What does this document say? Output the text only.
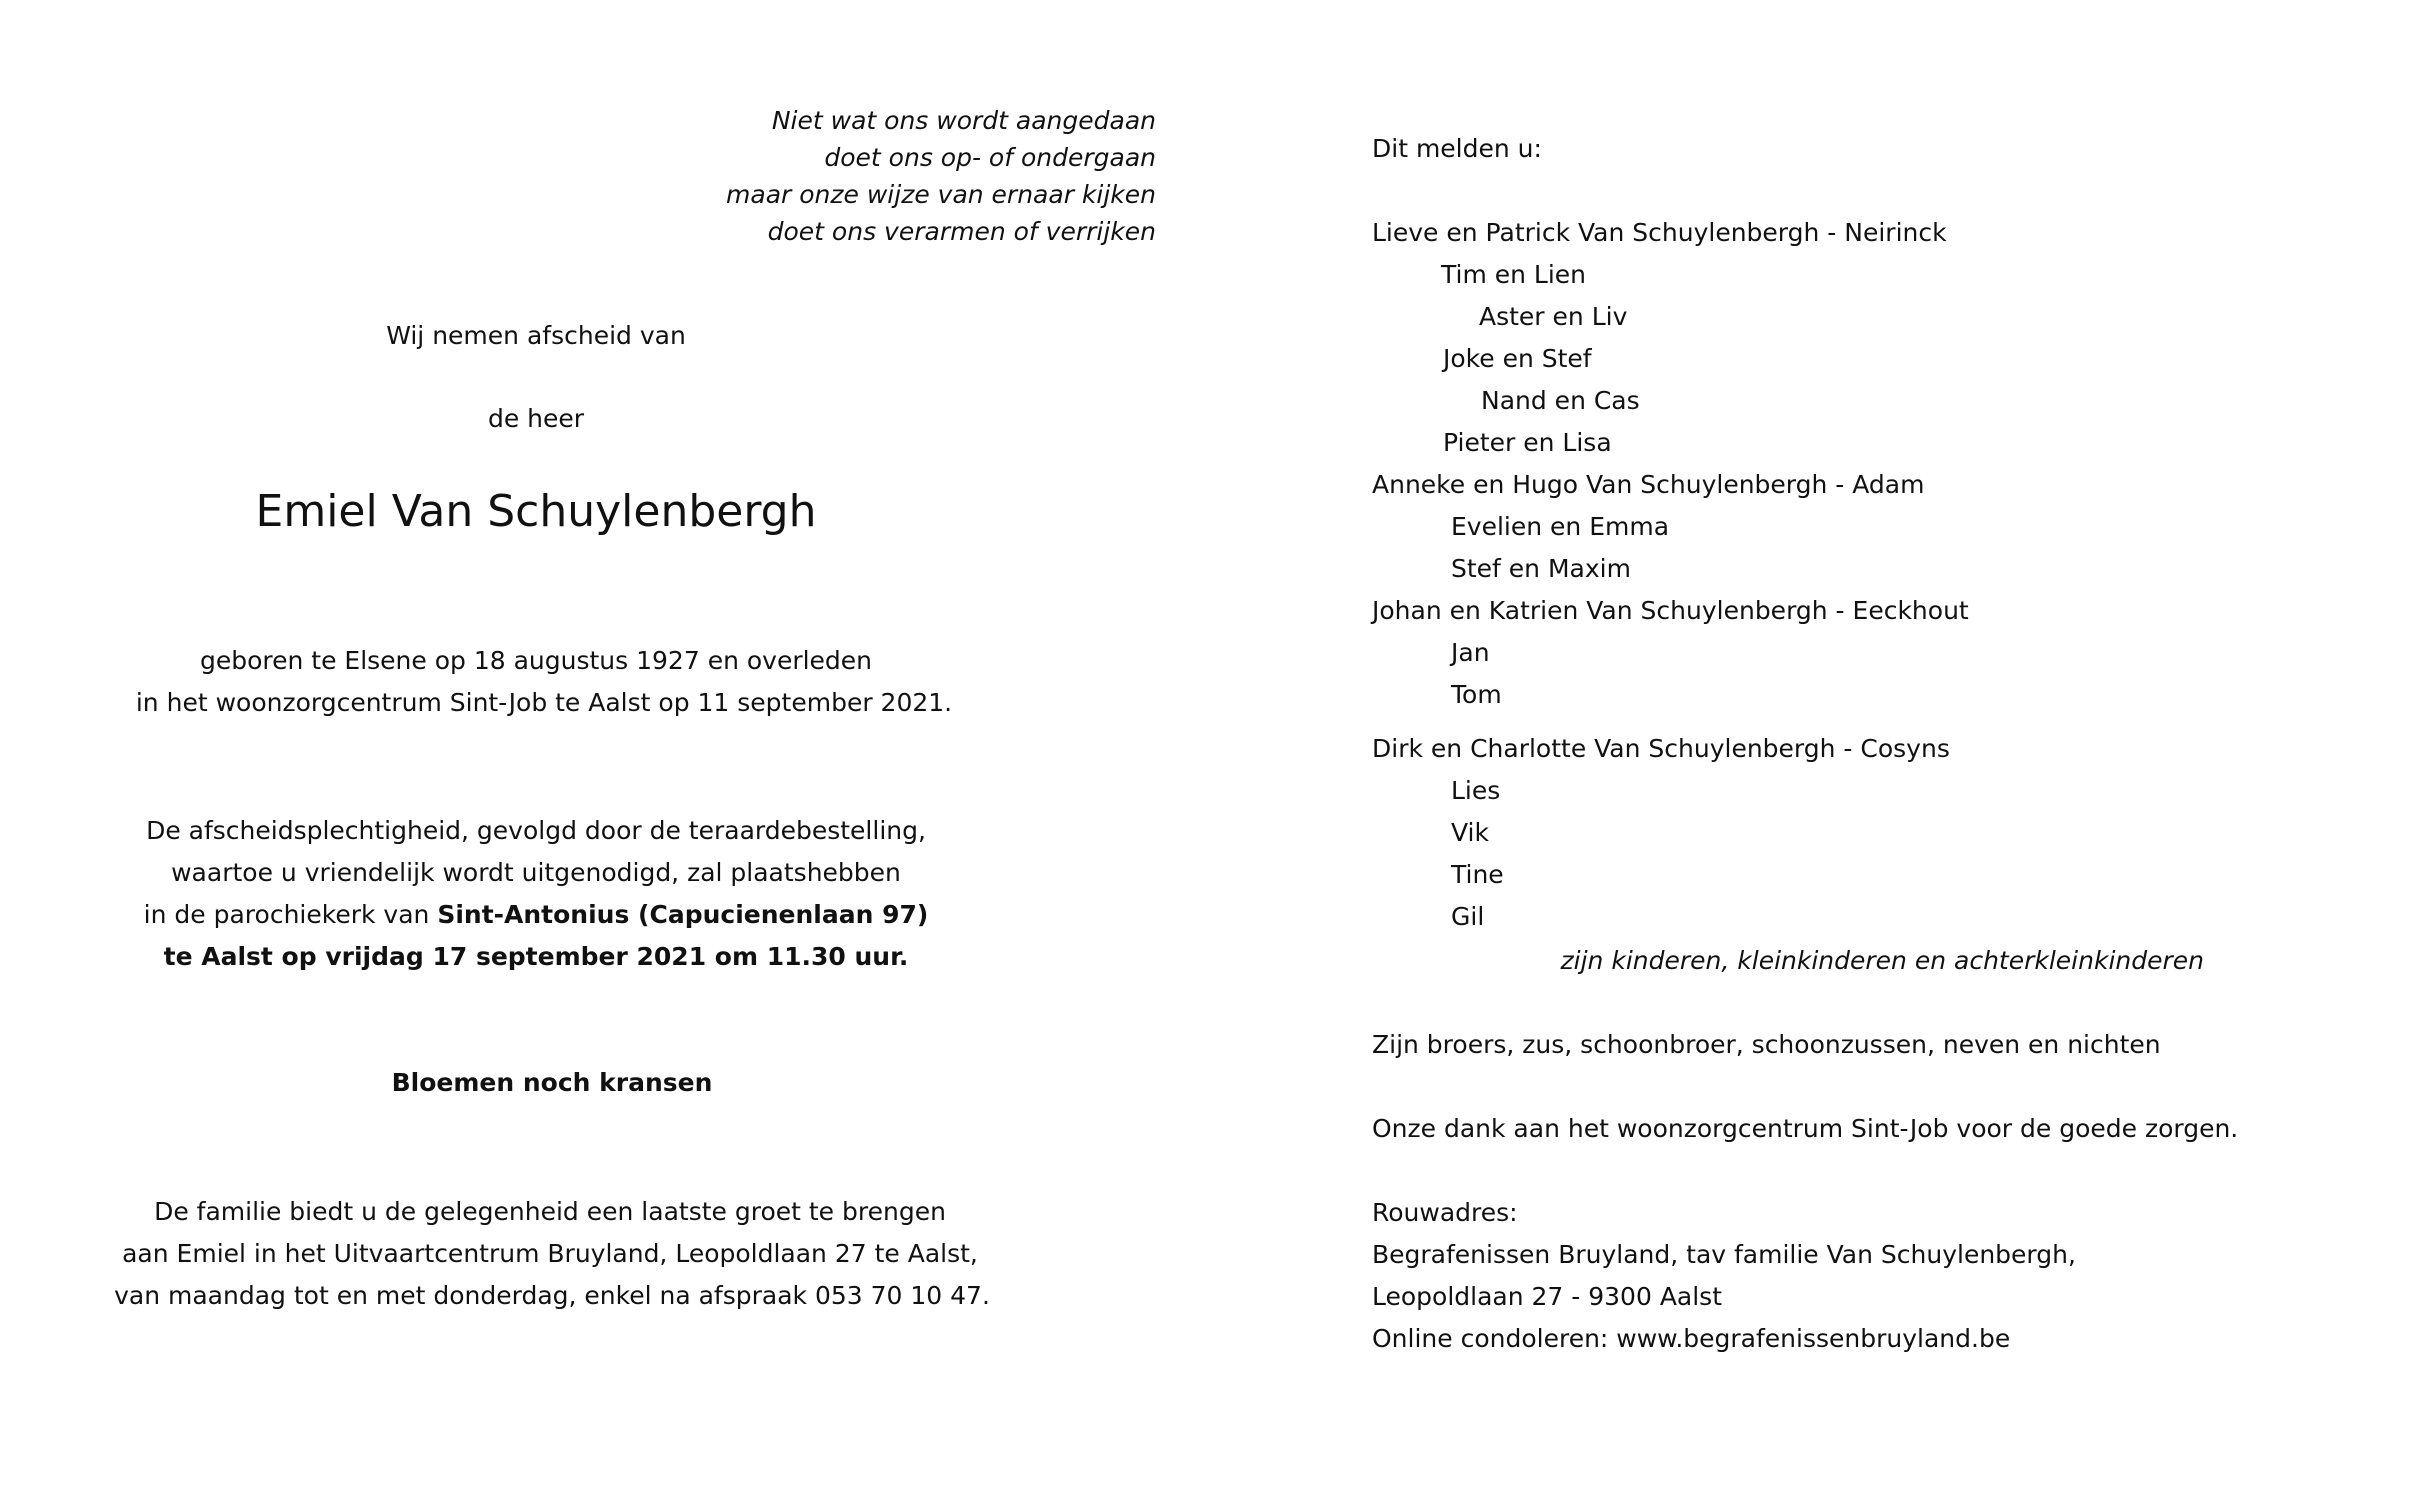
Niet wat ons wordt aangedaan
doet ons op- of ondergaan
maar onze wijze van ernaar kijken
doet ons verarmen of verrijken
Wij nemen afscheid van
de heer
Emiel Van Schuylenbergh
geboren te Elsene op 18 augustus 1927 en overleden
in het woonzorgcentrum Sint-Job te Aalst op 11 september 2021.
De afscheidsplechtigheid, gevolgd door de teraardebestelling,
waartoe u vriendelijk wordt uitgenodigd, zal plaatshebben
in de parochiekerk van Sint-Antonius (Capucienenlaan 97)
te Aalst op vrijdag 17 september 2021 om 11.30 uur.
Bloemen noch kransen
De familie biedt u de gelegenheid een laatste groet te brengen
aan Emiel in het Uitvaartcentrum Bruyland, Leopoldlaan 27 te Aalst,
van maandag tot en met donderdag, enkel na afspraak 053 70 10 47.
Dit melden u:
Lieve en Patrick Van Schuylenbergh - Neirinck
Tim en Lien
Aster en Liv
Joke en Stef
Nand en Cas
Pieter en Lisa
Anneke en Hugo Van Schuylenbergh - Adam
Evelien en Emma
Stef en Maxim
Johan en Katrien Van Schuylenbergh - Eeckhout
Jan
Tom
Dirk en Charlotte Van Schuylenbergh - Cosyns
Lies
Vik
Tine
Gil
zijn kinderen, kleinkinderen en achterkleinkinderen
Zijn broers, zus, schoonbroer, schoonzussen, neven en nichten
Onze dank aan het woonzorgcentrum Sint-Job voor de goede zorgen.
Rouwadres:
Begrafenissen Bruyland, tav familie Van Schuylenbergh,
Leopoldlaan 27 - 9300 Aalst
Online condoleren: www.begrafenissenbruyland.be
